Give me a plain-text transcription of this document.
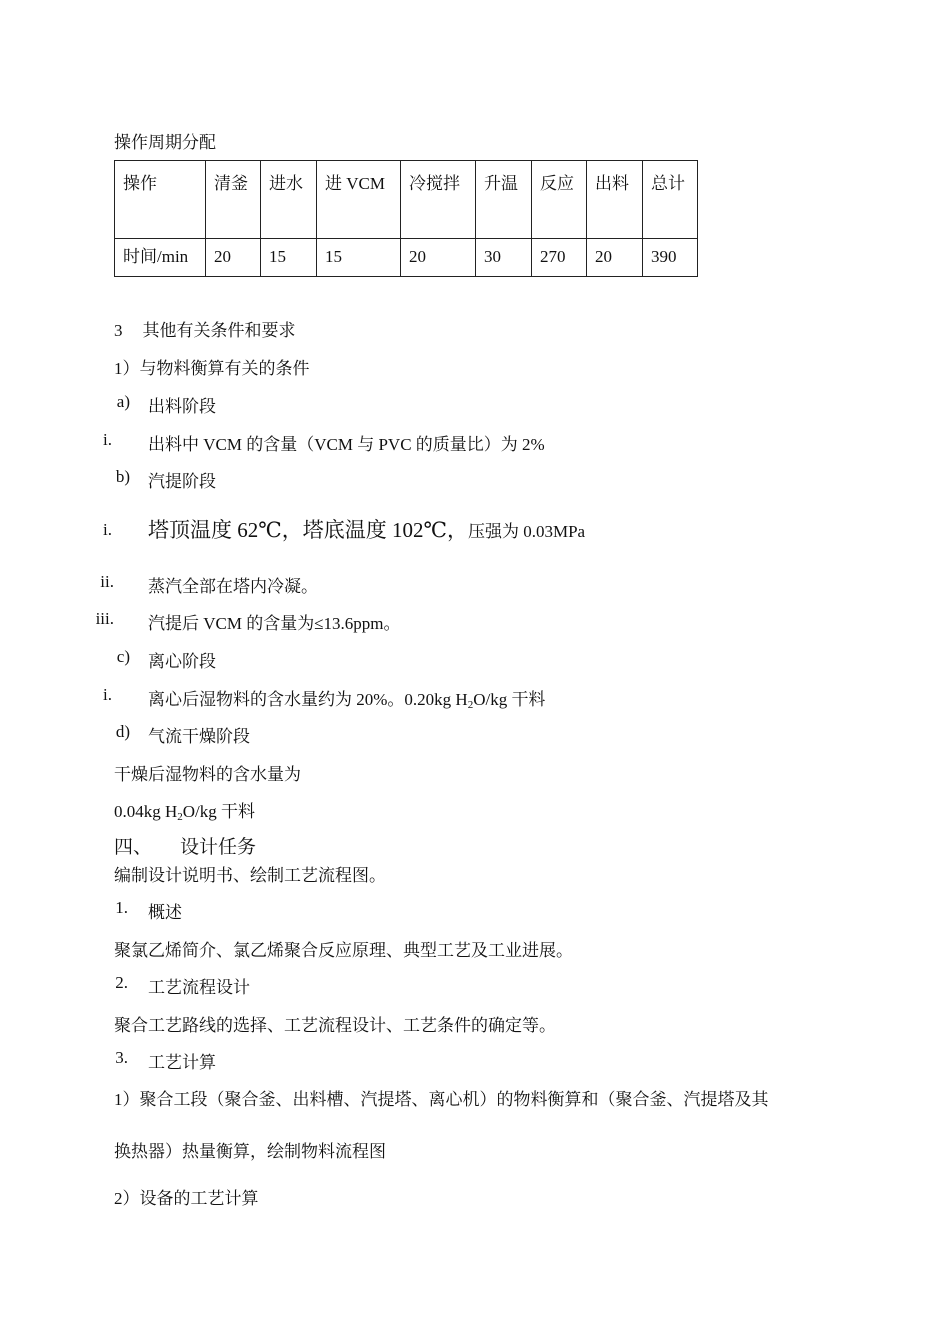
操作周期分配
操作	清釜	进水	进 VCM	冷搅拌	升温	反应	出料	总计
时间/min	20	15	15	20	30	270	20	390
3 其他有关条件和要求
1）与物料衡算有关的条件
a) 出料阶段
i. 出料中 VCM 的含量（VCM 与 PVC 的质量比）为 2%
b) 汽提阶段
i. 塔顶温度 62℃，塔底温度 102℃，压强为 0.03MPa
ii. 蒸汽全部在塔内冷凝。
iii. 汽提后 VCM 的含量为≤13.6ppm。
c) 离心阶段
i. 离心后湿物料的含水量约为 20%。0.20kg $H_2O/kg$ 干料
d) 气流干燥阶段
干燥后湿物料的含水量为
0.04kg $H_2O/kg$ 干料
四、 设计任务
编制设计说明书、绘制工艺流程图。
1. 概述
聚氯乙烯简介、氯乙烯聚合反应原理、典型工艺及工业进展。
2. 工艺流程设计
聚合工艺路线的选择、工艺流程设计、工艺条件的确定等。
3. 工艺计算
1）聚合工段（聚合釜、出料槽、汽提塔、离心机）的物料衡算和（聚合釜、汽提塔及其
换热器）热量衡算，绘制物料流程图
2）设备的工艺计算
